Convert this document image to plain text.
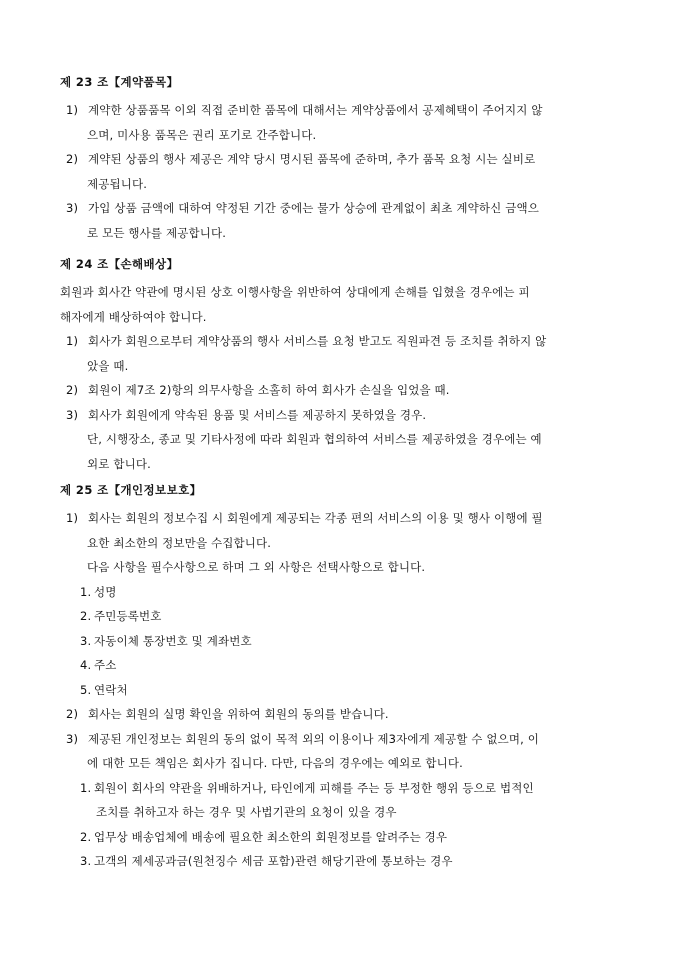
제 23 조【계약품목】
1) 계약한 상품품목 이외 직접 준비한 품목에 대해서는 계약상품에서 공제혜택이 주어지지 않
으며, 미사용 품목은 권리 포기로 간주합니다.
2) 계약된 상품의 행사 제공은 계약 당시 명시된 품목에 준하며, 추가 품목 요청 시는 실비로
제공됩니다.
3) 가입 상품 금액에 대하여 약정된 기간 중에는 물가 상승에 관계없이 최초 계약하신 금액으
로 모든 행사를 제공합니다.
제 24 조【손해배상】
회원과 회사간 약관에 명시된 상호 이행사항을 위반하여 상대에게 손해를 입혔을 경우에는 피
해자에게 배상하여야 합니다.
1) 회사가 회원으로부터 계약상품의 행사 서비스를 요청 받고도 직원파견 등 조치를 취하지 않
았을 때.
2) 회원이 제7조 2)항의 의무사항을 소홀히 하여 회사가 손실을 입었을 때.
3) 회사가 회원에게 약속된 용품 및 서비스를 제공하지 못하였을 경우.
단, 시행장소, 종교 및 기타사정에 따라 회원과 협의하여 서비스를 제공하였을 경우에는 예
외로 합니다.
제 25 조【개인정보보호】
1) 회사는 회원의 정보수집 시 회원에게 제공되는 각종 편의 서비스의 이용 및 행사 이행에 필
요한 최소한의 정보만을 수집합니다.
다음 사항을 필수사항으로 하며 그 외 사항은 선택사항으로 합니다.
1. 성명
2. 주민등록번호
3. 자동이체 통장번호 및 계좌번호
4. 주소
5. 연락처
2) 회사는 회원의 실명 확인을 위하여 회원의 동의를 받습니다.
3) 제공된 개인정보는 회원의 동의 없이 목적 외의 이용이나 제3자에게 제공할 수 없으며, 이
에 대한 모든 책임은 회사가 집니다. 다만, 다음의 경우에는 예외로 합니다.
1. 회원이 회사의 약관을 위배하거나, 타인에게 피해를 주는 등 부정한 행위 등으로 법적인
조치를 취하고자 하는 경우 및 사법기관의 요청이 있을 경우
2. 업무상 배송업체에 배송에 필요한 최소한의 회원정보를 알려주는 경우
3. 고객의 제세공과금(원천징수 세금 포함)관련 해당기관에 통보하는 경우
